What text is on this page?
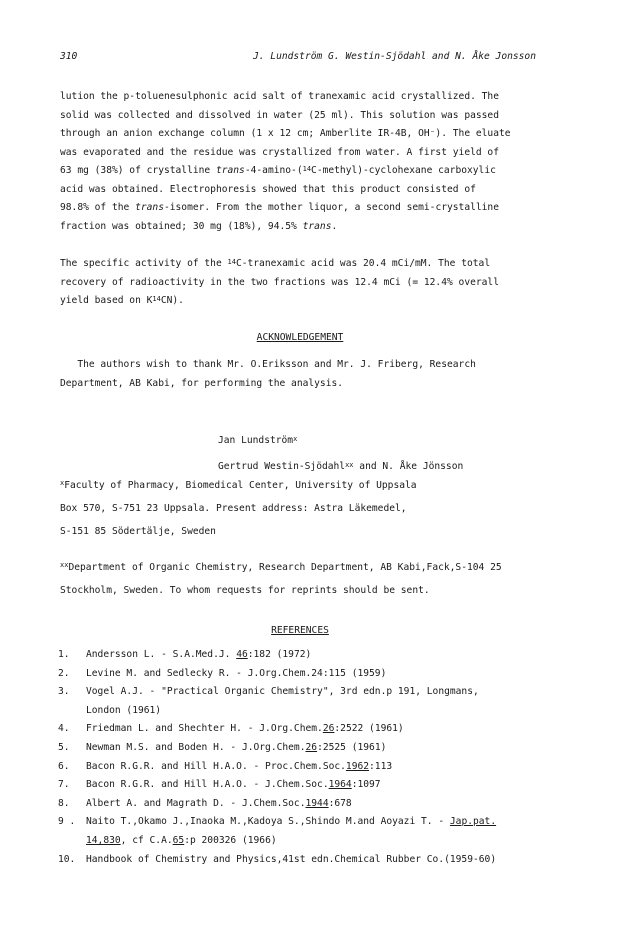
310	J. Lundström G. Westin-Sjödahl and N. Åke Jonsson
lution the p-toluenesulphonic acid salt of tranexamic acid crystallized. The
solid was collected and dissolved in water (25 ml). This solution was passed
through an anion exchange column (1 x 12 cm; Amberlite IR-4B, OH⁻). The eluate
was evaporated and the residue was crystallized from water. A first yield of
63 mg (38%) of crystalline trans-4-amino-($^{14}$C-methyl)-cyclohexane carboxylic
acid was obtained. Electrophoresis showed that this product consisted of
98.8% of the trans-isomer. From the mother liquor, a second semi-crystalline
fraction was obtained; 30 mg (18%), 94.5% trans.
The specific activity of the $^{14}$C-tranexamic acid was 20.4 mCi/mM. The total
recovery of radioactivity in the two fractions was 12.4 mCi (= 12.4% overall
yield based on $K^{14}CN$).
ACKNOWLEDGEMENT
The authors wish to thank Mr. O.Eriksson and Mr. J. Friberg, Research
Department, AB Kabi, for performing the analysis.
Jan Lundström$^x$
Gertrud Westin-Sjödahl$^{xx}$ and N. Åke Jönsson
$^x$Faculty of Pharmacy, Biomedical Center, University of Uppsala
Box 570, S-751 23 Uppsala. Present address: Astra Läkemedel,
S-151 85 Södertälje, Sweden
$^{xx}$Department of Organic Chemistry, Research Department, AB Kabi,Fack,S-104 25
Stockholm, Sweden. To whom requests for reprints should be sent.
REFERENCES
1. Andersson L. - S.A.Med.J. 46:182 (1972)
2. Levine M. and Sedlecky R. - J.Org.Chem.24:115 (1959)
3. Vogel A.J. - "Practical Organic Chemistry", 3rd edn.p 191, Longmans,
London (1961)
4. Friedman L. and Shechter H. - J.Org.Chem.26:2522 (1961)
5. Newman M.S. and Boden H. - J.Org.Chem.26:2525 (1961)
6. Bacon R.G.R. and Hill H.A.O. - Proc.Chem.Soc.1962:113
7. Bacon R.G.R. and Hill H.A.O. - J.Chem.Soc.1964:1097
8. Albert A. and Magrath D. - J.Chem.Soc.1944:678
9 . Naito T.,Okamo J.,Inaoka M.,Kadoya S.,Shindo M.and Aoyazi T. - Jap.pat.
14,830, cf C.A.65:p 200326 (1966)
10. Handbook of Chemistry and Physics,41st edn.Chemical Rubber Co.(1959-60)
